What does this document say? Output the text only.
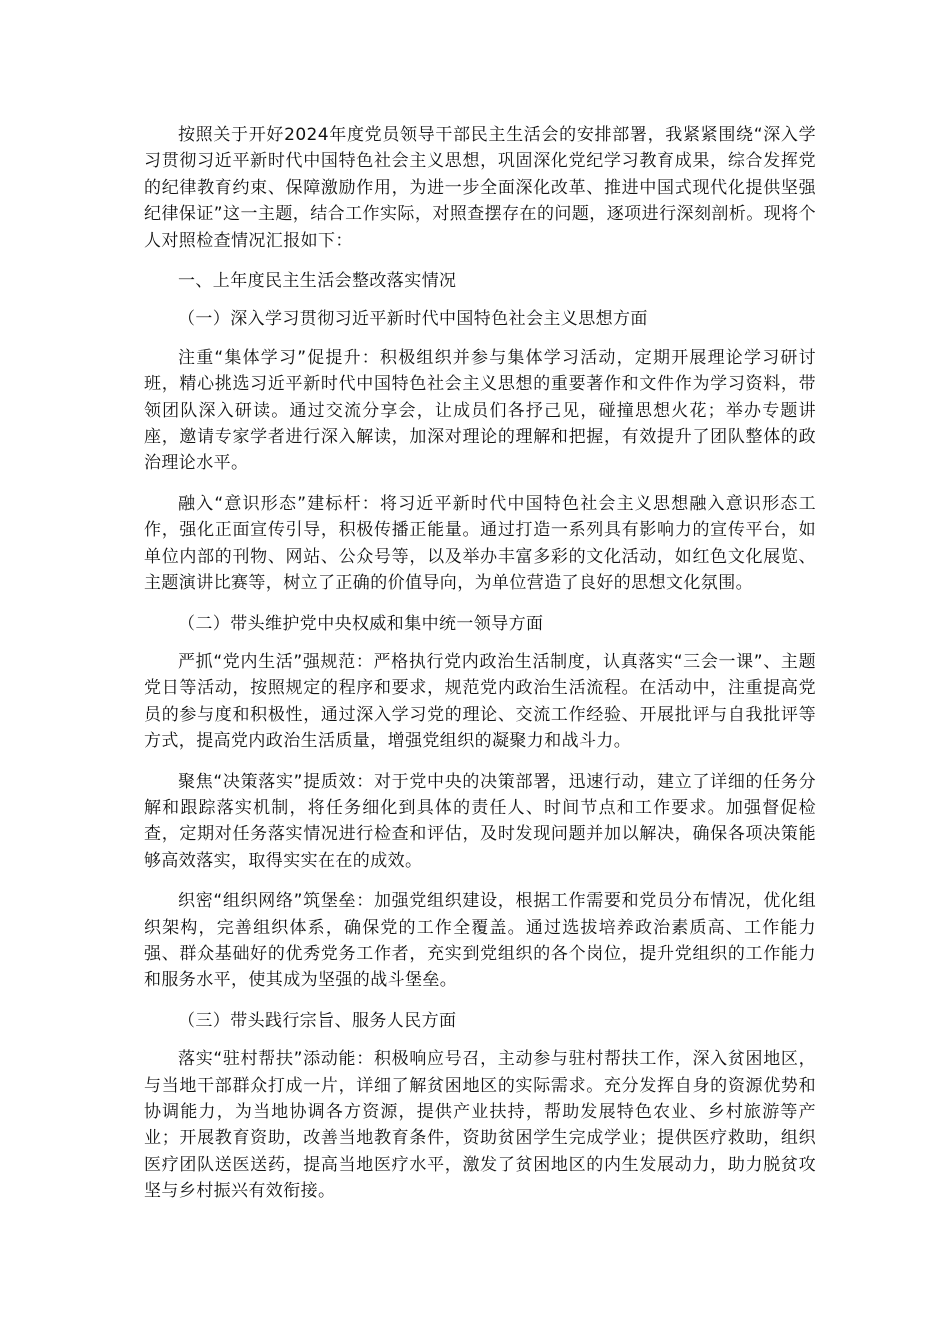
按照关于开好2024年度党员领导干部民主生活会的安排部署，我紧紧围绕“深入学习贯彻习近平新时代中国特色社会主义思想，巩固深化党纪学习教育成果，综合发挥党的纪律教育约束、保障激励作用，为进一步全面深化改革、推进中国式现代化提供坚强纪律保证”这一主题，结合工作实际，对照查摆存在的问题，逐项进行深刻剖析。现将个人对照检查情况汇报如下：

一、上年度民主生活会整改落实情况

（一）深入学习贯彻习近平新时代中国特色社会主义思想方面

注重“集体学习”促提升：积极组织并参与集体学习活动，定期开展理论学习研讨班，精心挑选习近平新时代中国特色社会主义思想的重要著作和文件作为学习资料，带领团队深入研读。通过交流分享会，让成员们各抒己见，碰撞思想火花；举办专题讲座，邀请专家学者进行深入解读，加深对理论的理解和把握，有效提升了团队整体的政治理论水平。

融入“意识形态”建标杆：将习近平新时代中国特色社会主义思想融入意识形态工作，强化正面宣传引导，积极传播正能量。通过打造一系列具有影响力的宣传平台，如单位内部的刊物、网站、公众号等，以及举办丰富多彩的文化活动，如红色文化展览、主题演讲比赛等，树立了正确的价值导向，为单位营造了良好的思想文化氛围。

（二）带头维护党中央权威和集中统一领导方面

严抓“党内生活”强规范：严格执行党内政治生活制度，认真落实“三会一课”、主题党日等活动，按照规定的程序和要求，规范党内政治生活流程。在活动中，注重提高党员的参与度和积极性，通过深入学习党的理论、交流工作经验、开展批评与自我批评等方式，提高党内政治生活质量，增强党组织的凝聚力和战斗力。

聚焦“决策落实”提质效：对于党中央的决策部署，迅速行动，建立了详细的任务分解和跟踪落实机制，将任务细化到具体的责任人、时间节点和工作要求。加强督促检查，定期对任务落实情况进行检查和评估，及时发现问题并加以解决，确保各项决策能够高效落实，取得实实在在的成效。

织密“组织网络”筑堡垒：加强党组织建设，根据工作需要和党员分布情况，优化组织架构，完善组织体系，确保党的工作全覆盖。通过选拔培养政治素质高、工作能力强、群众基础好的优秀党务工作者，充实到党组织的各个岗位，提升党组织的工作能力和服务水平，使其成为坚强的战斗堡垒。

（三）带头践行宗旨、服务人民方面

落实“驻村帮扶”添动能：积极响应号召，主动参与驻村帮扶工作，深入贫困地区，与当地干部群众打成一片，详细了解贫困地区的实际需求。充分发挥自身的资源优势和协调能力，为当地协调各方资源，提供产业扶持，帮助发展特色农业、乡村旅游等产业；开展教育资助，改善当地教育条件，资助贫困学生完成学业；提供医疗救助，组织医疗团队送医送药，提高当地医疗水平，激发了贫困地区的内生发展动力，助力脱贫攻坚与乡村振兴有效衔接。
